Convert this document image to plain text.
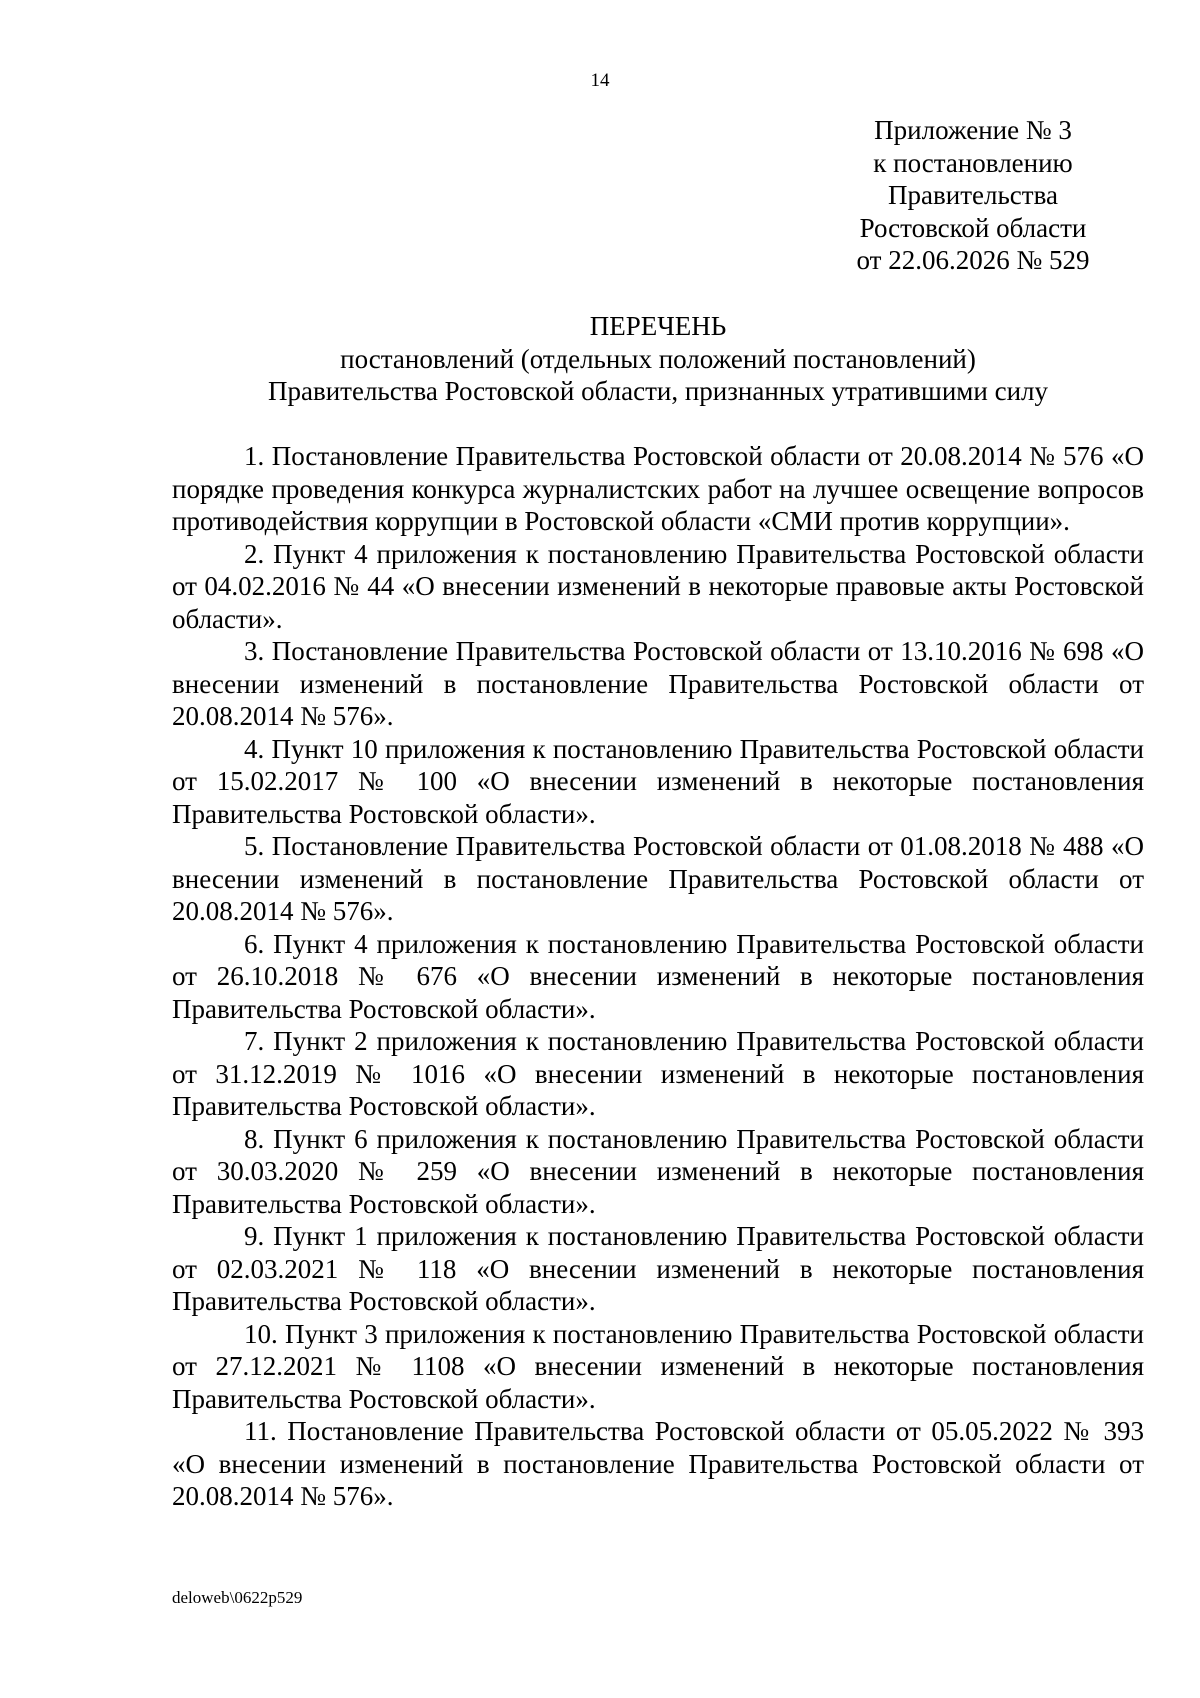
14
Приложение № 3
к постановлению
Правительства
Ростовской области
от 22.06.2026 № 529
ПЕРЕЧЕНЬ
постановлений (отдельных положений постановлений)
Правительства Ростовской области, признанных утратившими силу

1. Постановление Правительства Ростовской области от 20.08.2014 № 576 «О порядке проведения конкурса журналистских работ на лучшее освещение вопросов противодействия коррупции в Ростовской области «СМИ против коррупции».

2. Пункт 4 приложения к постановлению Правительства Ростовской области от 04.02.2016 № 44 «О внесении изменений в некоторые правовые акты Ростовской области».

3. Постановление Правительства Ростовской области от 13.10.2016 № 698 «О внесении изменений в постановление Правительства Ростовской области от 20.08.2014 № 576».

4. Пункт 10 приложения к постановлению Правительства Ростовской области от 15.02.2017 № 100 «О внесении изменений в некоторые постановления Правительства Ростовской области».

5. Постановление Правительства Ростовской области от 01.08.2018 № 488 «О внесении изменений в постановление Правительства Ростовской области от 20.08.2014 № 576».

6. Пункт 4 приложения к постановлению Правительства Ростовской области от 26.10.2018 № 676 «О внесении изменений в некоторые постановления Правительства Ростовской области».

7. Пункт 2 приложения к постановлению Правительства Ростовской области от 31.12.2019 № 1016 «О внесении изменений в некоторые постановления Правительства Ростовской области».

8. Пункт 6 приложения к постановлению Правительства Ростовской области от 30.03.2020 № 259 «О внесении изменений в некоторые постановления Правительства Ростовской области».

9. Пункт 1 приложения к постановлению Правительства Ростовской области от 02.03.2021 № 118 «О внесении изменений в некоторые постановления Правительства Ростовской области».

10. Пункт 3 приложения к постановлению Правительства Ростовской области от 27.12.2021 № 1108 «О внесении изменений в некоторые постановления Правительства Ростовской области».

11. Постановление Правительства Ростовской области от 05.05.2022 № 393 «О внесении изменений в постановление Правительства Ростовской области от 20.08.2014 № 576».

deloweb\0622p529
